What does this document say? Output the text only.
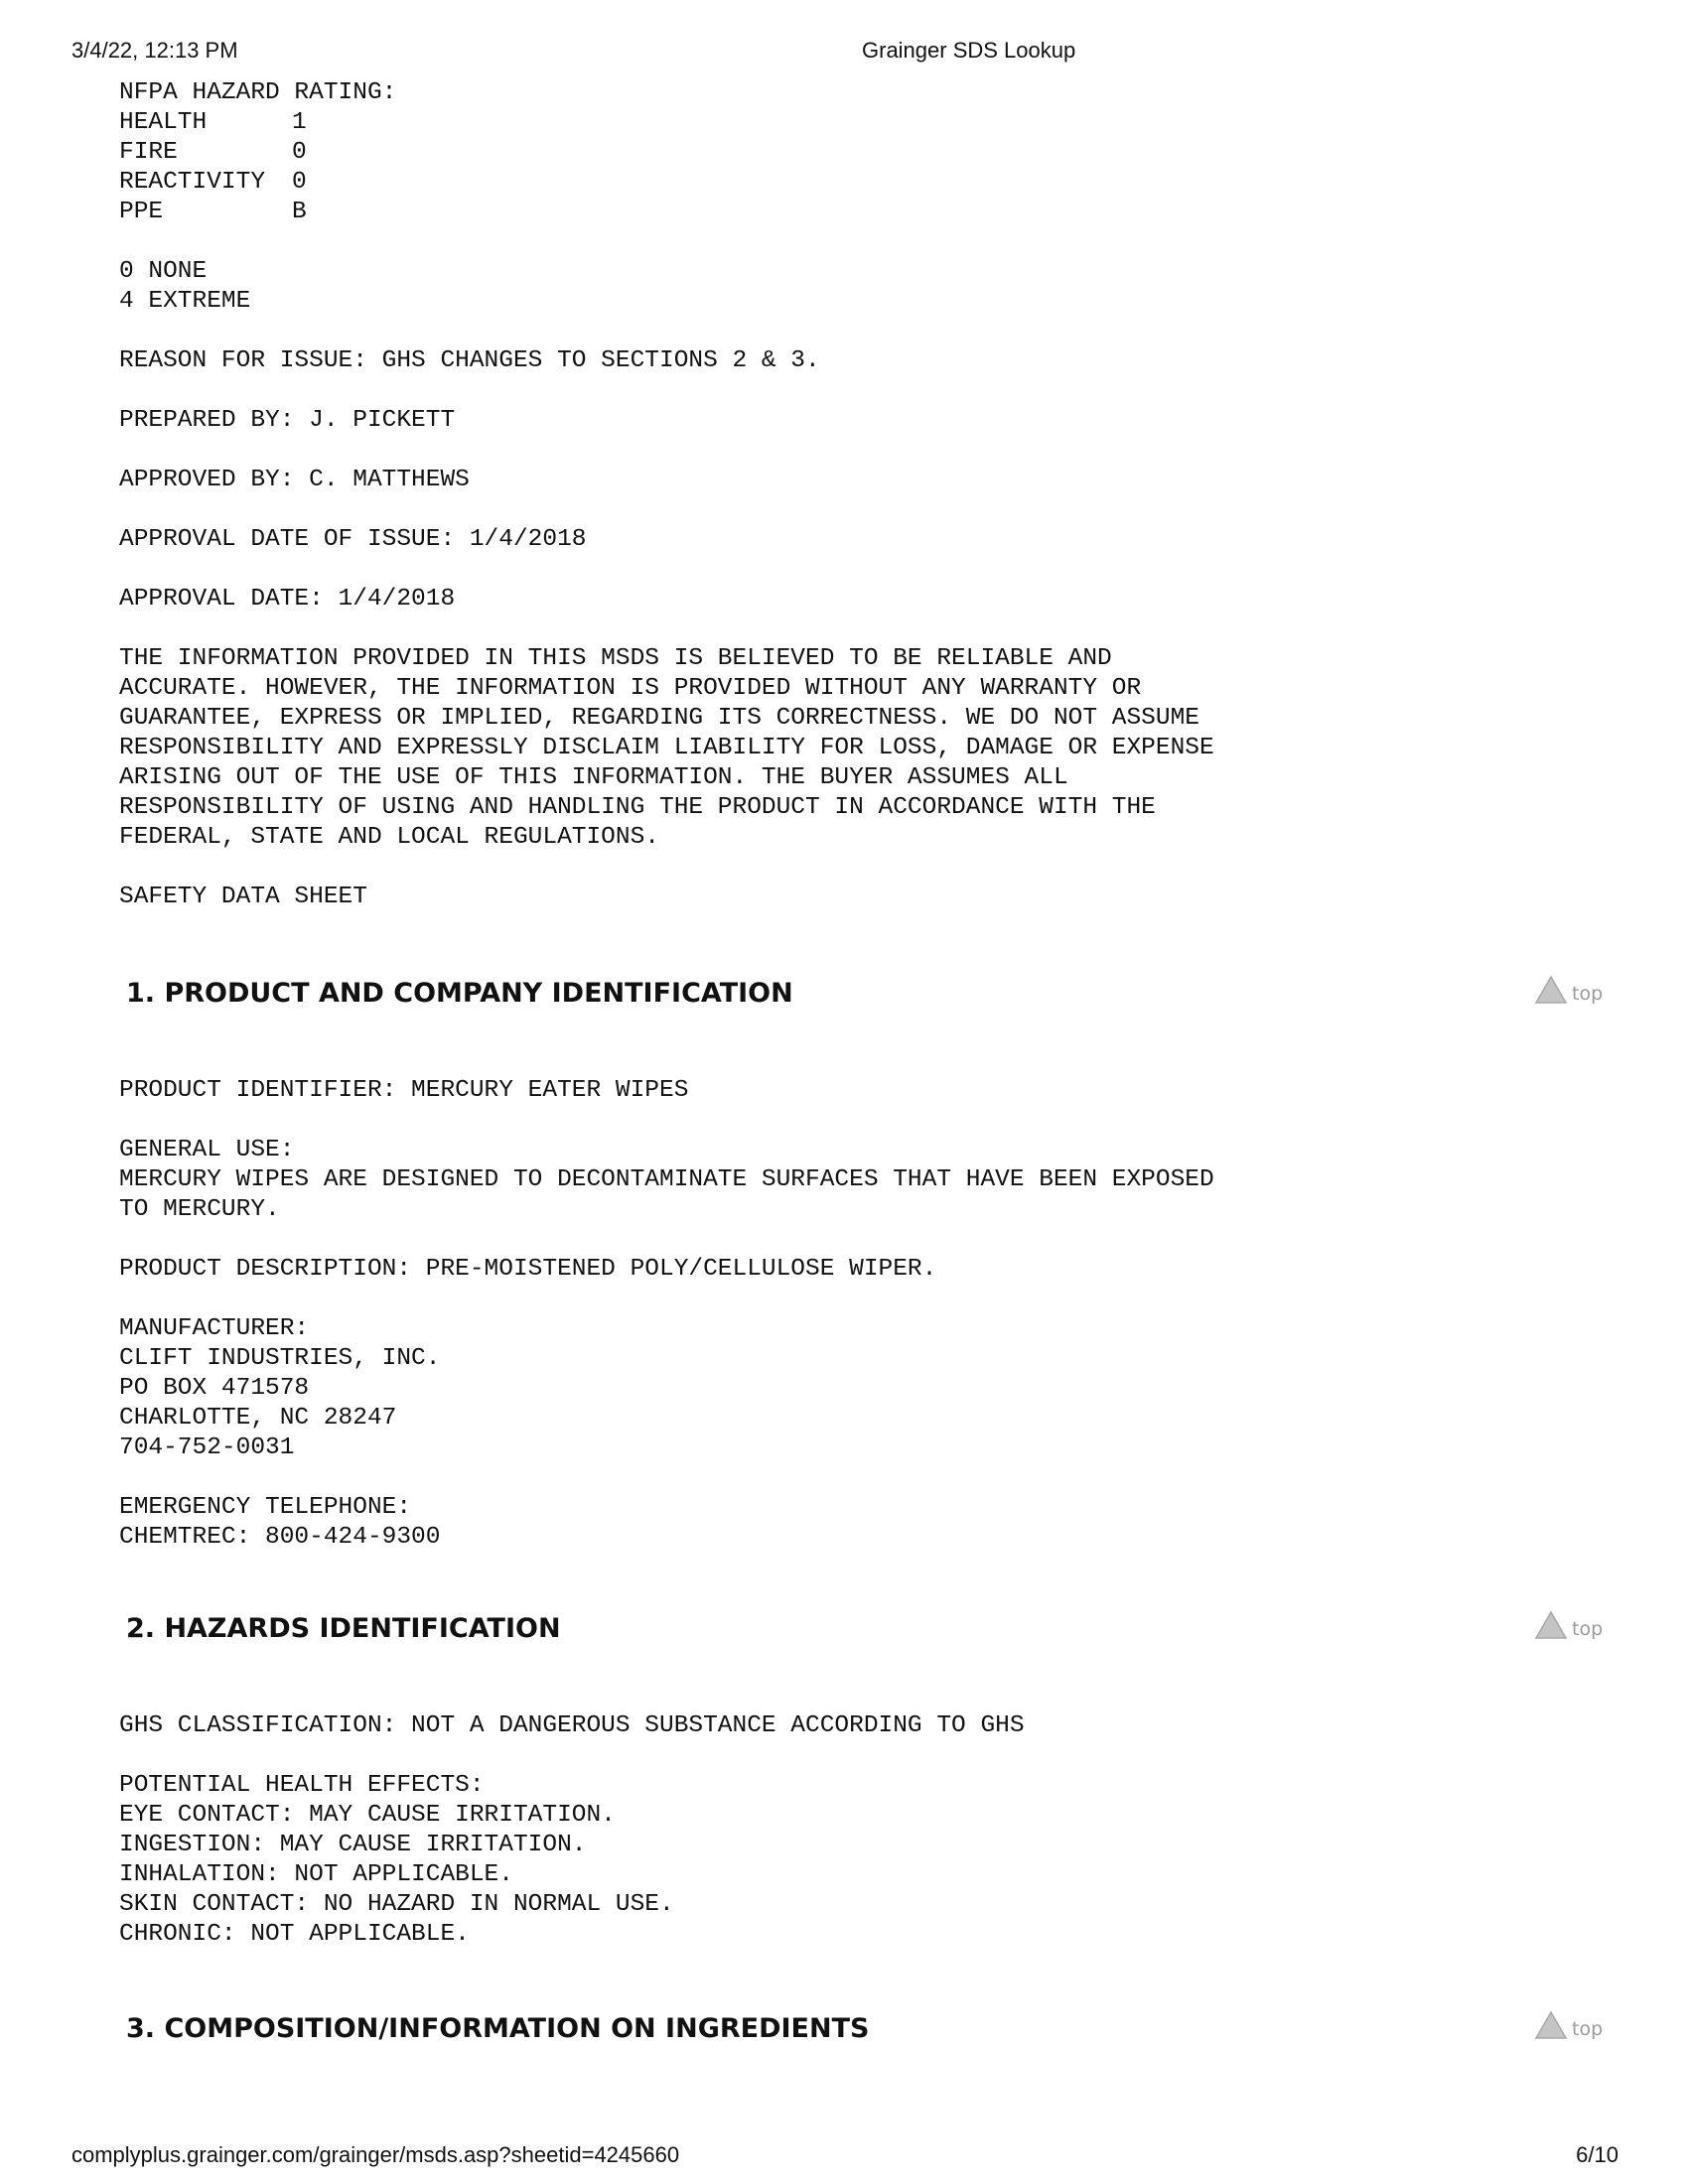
3/4/22, 12:13 PM	Grainger SDS Lookup
NFPA HAZARD RATING:
HEALTH	1
FIRE	0
REACTIVITY 0
PPE	B
0 NONE
4 EXTREME
REASON FOR ISSUE: GHS CHANGES TO SECTIONS 2 & 3.
PREPARED BY: J. PICKETT
APPROVED BY: C. MATTHEWS
APPROVAL DATE OF ISSUE: 1/4/2018
APPROVAL DATE: 1/4/2018
THE INFORMATION PROVIDED IN THIS MSDS IS BELIEVED TO BE RELIABLE AND
ACCURATE. HOWEVER, THE INFORMATION IS PROVIDED WITHOUT ANY WARRANTY OR
GUARANTEE, EXPRESS OR IMPLIED, REGARDING ITS CORRECTNESS. WE DO NOT ASSUME
RESPONSIBILITY AND EXPRESSLY DISCLAIM LIABILITY FOR LOSS, DAMAGE OR EXPENSE
ARISING OUT OF THE USE OF THIS INFORMATION. THE BUYER ASSUMES ALL
RESPONSIBILITY OF USING AND HANDLING THE PRODUCT IN ACCORDANCE WITH THE
FEDERAL, STATE AND LOCAL REGULATIONS.
SAFETY DATA SHEET
1. PRODUCT AND COMPANY IDENTIFICATION	top
PRODUCT IDENTIFIER: MERCURY EATER WIPES
GENERAL USE:
MERCURY WIPES ARE DESIGNED TO DECONTAMINATE SURFACES THAT HAVE BEEN EXPOSED
TO MERCURY.
PRODUCT DESCRIPTION: PRE-MOISTENED POLY/CELLULOSE WIPER.
MANUFACTURER:
CLIFT INDUSTRIES, INC.
PO BOX 471578
CHARLOTTE, NC 28247
704-752-0031
EMERGENCY TELEPHONE:
CHEMTREC: 800-424-9300
2. HAZARDS IDENTIFICATION	top
GHS CLASSIFICATION: NOT A DANGEROUS SUBSTANCE ACCORDING TO GHS
POTENTIAL HEALTH EFFECTS:
EYE CONTACT: MAY CAUSE IRRITATION.
INGESTION: MAY CAUSE IRRITATION.
INHALATION: NOT APPLICABLE.
SKIN CONTACT: NO HAZARD IN NORMAL USE.
CHRONIC: NOT APPLICABLE.
3. COMPOSITION/INFORMATION ON INGREDIENTS	top
complyplus.grainger.com/grainger/msds.asp?sheetid=4245660	6/10
